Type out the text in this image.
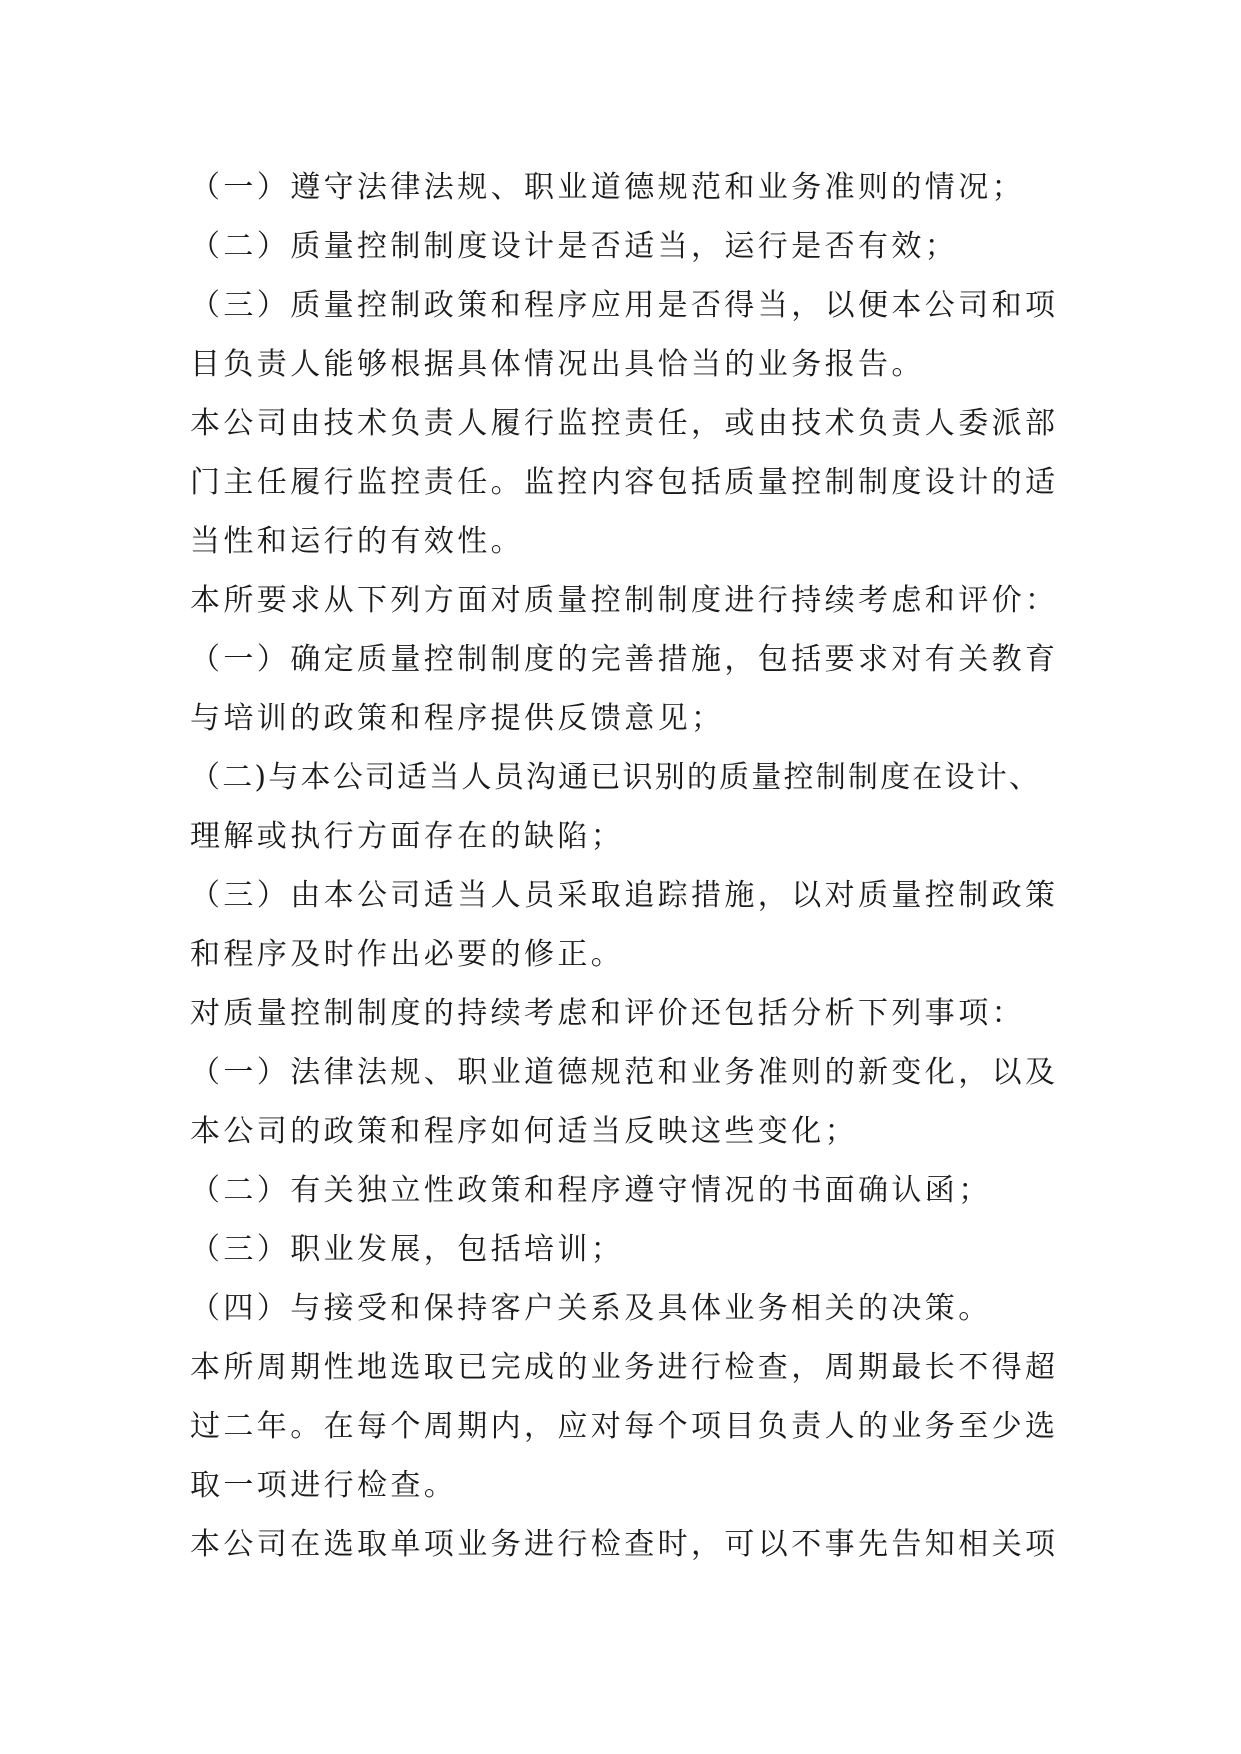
（一）遵守法律法规、职业道德规范和业务准则的情况；
（二）质量控制制度设计是否适当，运行是否有效；
（三）质量控制政策和程序应用是否得当，以便本公司和项
目负责人能够根据具体情况出具恰当的业务报告。
本公司由技术负责人履行监控责任，或由技术负责人委派部
门主任履行监控责任。监控内容包括质量控制制度设计的适
当性和运行的有效性。
本所要求从下列方面对质量控制制度进行持续考虑和评价：
（一）确定质量控制制度的完善措施，包括要求对有关教育
与培训的政策和程序提供反馈意见；
（二)与本公司适当人员沟通已识别的质量控制制度在设计、
理解或执行方面存在的缺陷；
（三）由本公司适当人员采取追踪措施，以对质量控制政策
和程序及时作出必要的修正。
对质量控制制度的持续考虑和评价还包括分析下列事项：
（一）法律法规、职业道德规范和业务准则的新变化，以及
本公司的政策和程序如何适当反映这些变化；
（二）有关独立性政策和程序遵守情况的书面确认函；
（三）职业发展，包括培训；
（四）与接受和保持客户关系及具体业务相关的决策。
本所周期性地选取已完成的业务进行检查，周期最长不得超
过二年。在每个周期内，应对每个项目负责人的业务至少选
取一项进行检查。
本公司在选取单项业务进行检查时，可以不事先告知相关项
